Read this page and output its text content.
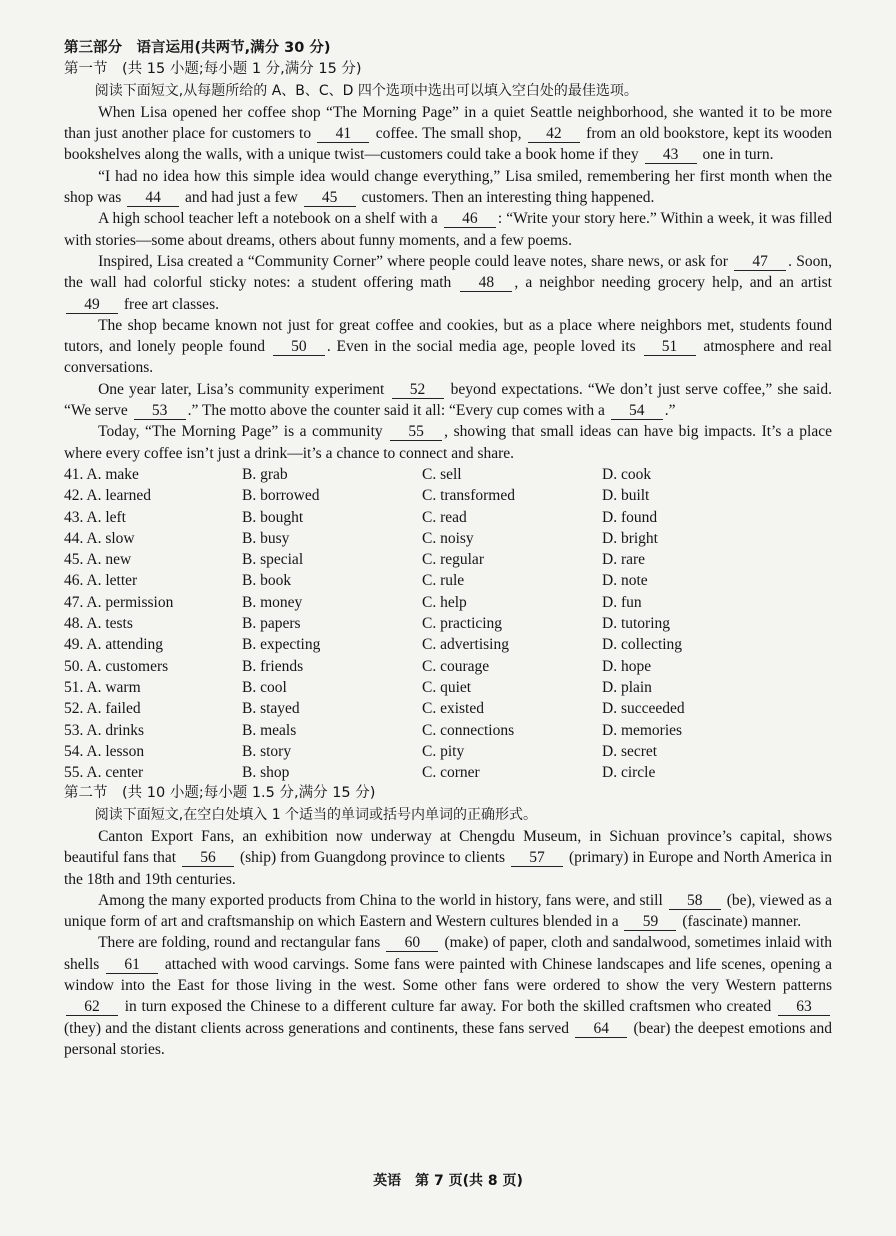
第三部分　语言运用(共两节,满分 30 分)
第一节　(共 15 小题;每小题 1 分,满分 15 分)
阅读下面短文,从每题所给的 A、B、C、D 四个选项中选出可以填入空白处的最佳选项。

When Lisa opened her coffee shop “The Morning Page” in a quiet Seattle neighborhood, she wanted it to be more than just another place for customers to 41 coffee. The small shop, 42 from an old bookstore, kept its wooden bookshelves along the walls, with a unique twist—customers could take a book home if they 43 one in turn.

“I had no idea how this simple idea would change everything,” Lisa smiled, remembering her first month when the shop was 44 and had just a few 45 customers. Then an interesting thing happened.

A high school teacher left a notebook on a shelf with a 46 : “Write your story here.” Within a week, it was filled with stories—some about dreams, others about funny moments, and a few poems.

Inspired, Lisa created a “Community Corner” where people could leave notes, share news, or ask for 47 . Soon, the wall had colorful sticky notes: a student offering math 48 , a neighbor needing grocery help, and an artist 49 free art classes.

The shop became known not just for great coffee and cookies, but as a place where neighbors met, students found tutors, and lonely people found 50 . Even in the social media age, people loved its 51 atmosphere and real conversations.

One year later, Lisa’s community experiment 52 beyond expectations. “We don’t just serve coffee,” she said. “We serve 53 .” The motto above the counter said it all: “Every cup comes with a 54 .”

Today, “The Morning Page” is a community 55 , showing that small ideas can have big impacts. It’s a place where every coffee isn’t just a drink—it’s a chance to connect and share.

41. A. make	B. grab	C. sell	D. cook
42. A. learned	B. borrowed	C. transformed	D. built
43. A. left	B. bought	C. read	D. found
44. A. slow	B. busy	C. noisy	D. bright
45. A. new	B. special	C. regular	D. rare
46. A. letter	B. book	C. rule	D. note
47. A. permission	B. money	C. help	D. fun
48. A. tests	B. papers	C. practicing	D. tutoring
49. A. attending	B. expecting	C. advertising	D. collecting
50. A. customers	B. friends	C. courage	D. hope
51. A. warm	B. cool	C. quiet	D. plain
52. A. failed	B. stayed	C. existed	D. succeeded
53. A. drinks	B. meals	C. connections	D. memories
54. A. lesson	B. story	C. pity	D. secret
55. A. center	B. shop	C. corner	D. circle
第二节　(共 10 小题;每小题 1.5 分,满分 15 分)
阅读下面短文,在空白处填入 1 个适当的单词或括号内单词的正确形式。

Canton Export Fans, an exhibition now underway at Chengdu Museum, in Sichuan province’s capital, shows beautiful fans that 56 (ship) from Guangdong province to clients 57 (primary) in Europe and North America in the 18th and 19th centuries.

Among the many exported products from China to the world in history, fans were, and still 58 (be), viewed as a unique form of art and craftsmanship on which Eastern and Western cultures blended in a 59 (fascinate) manner.

There are folding, round and rectangular fans 60 (make) of paper, cloth and sandalwood, sometimes inlaid with shells 61 attached with wood carvings. Some fans were painted with Chinese landscapes and life scenes, opening a window into the East for those living in the west. Some other fans were ordered to show the very Western patterns 62 in turn exposed the Chinese to a different culture far away. For both the skilled craftsmen who created 63 (they) and the distant clients across generations and continents, these fans served 64 (bear) the deepest emotions and personal stories.

英语　第 7 页(共 8 页)
